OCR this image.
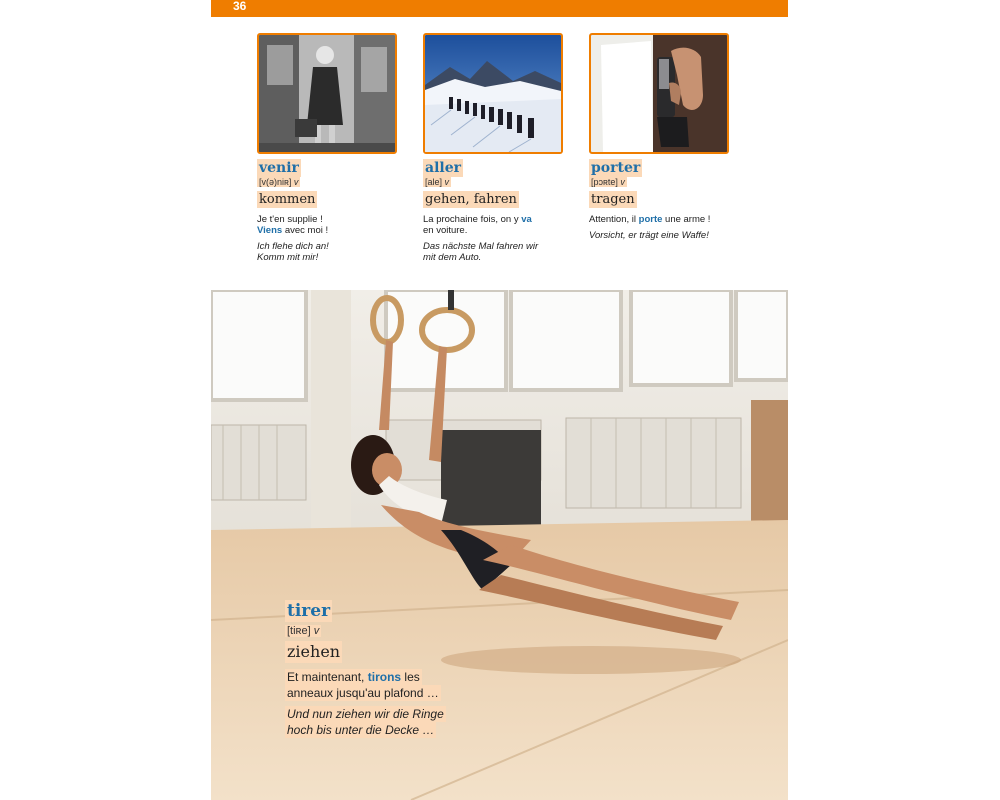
36
venir
[v(ə)niʀ] v
kommen
Je t'en supplie !
Viens avec moi !
Ich flehe dich an!
Komm mit mir!
aller
[ale] v
gehen, fahren
La prochaine fois, on y va
en voiture.
Das nächste Mal fahren wir
mit dem Auto.
porter
[pɔʀte] v
tragen
Attention, il porte une arme !
Vorsicht, er trägt eine Waffe!
tirer
[tiʀe] v
ziehen
Et maintenant, tirons les
anneaux jusqu'au plafond …
Und nun ziehen wir die Ringe
hoch bis unter die Decke …
